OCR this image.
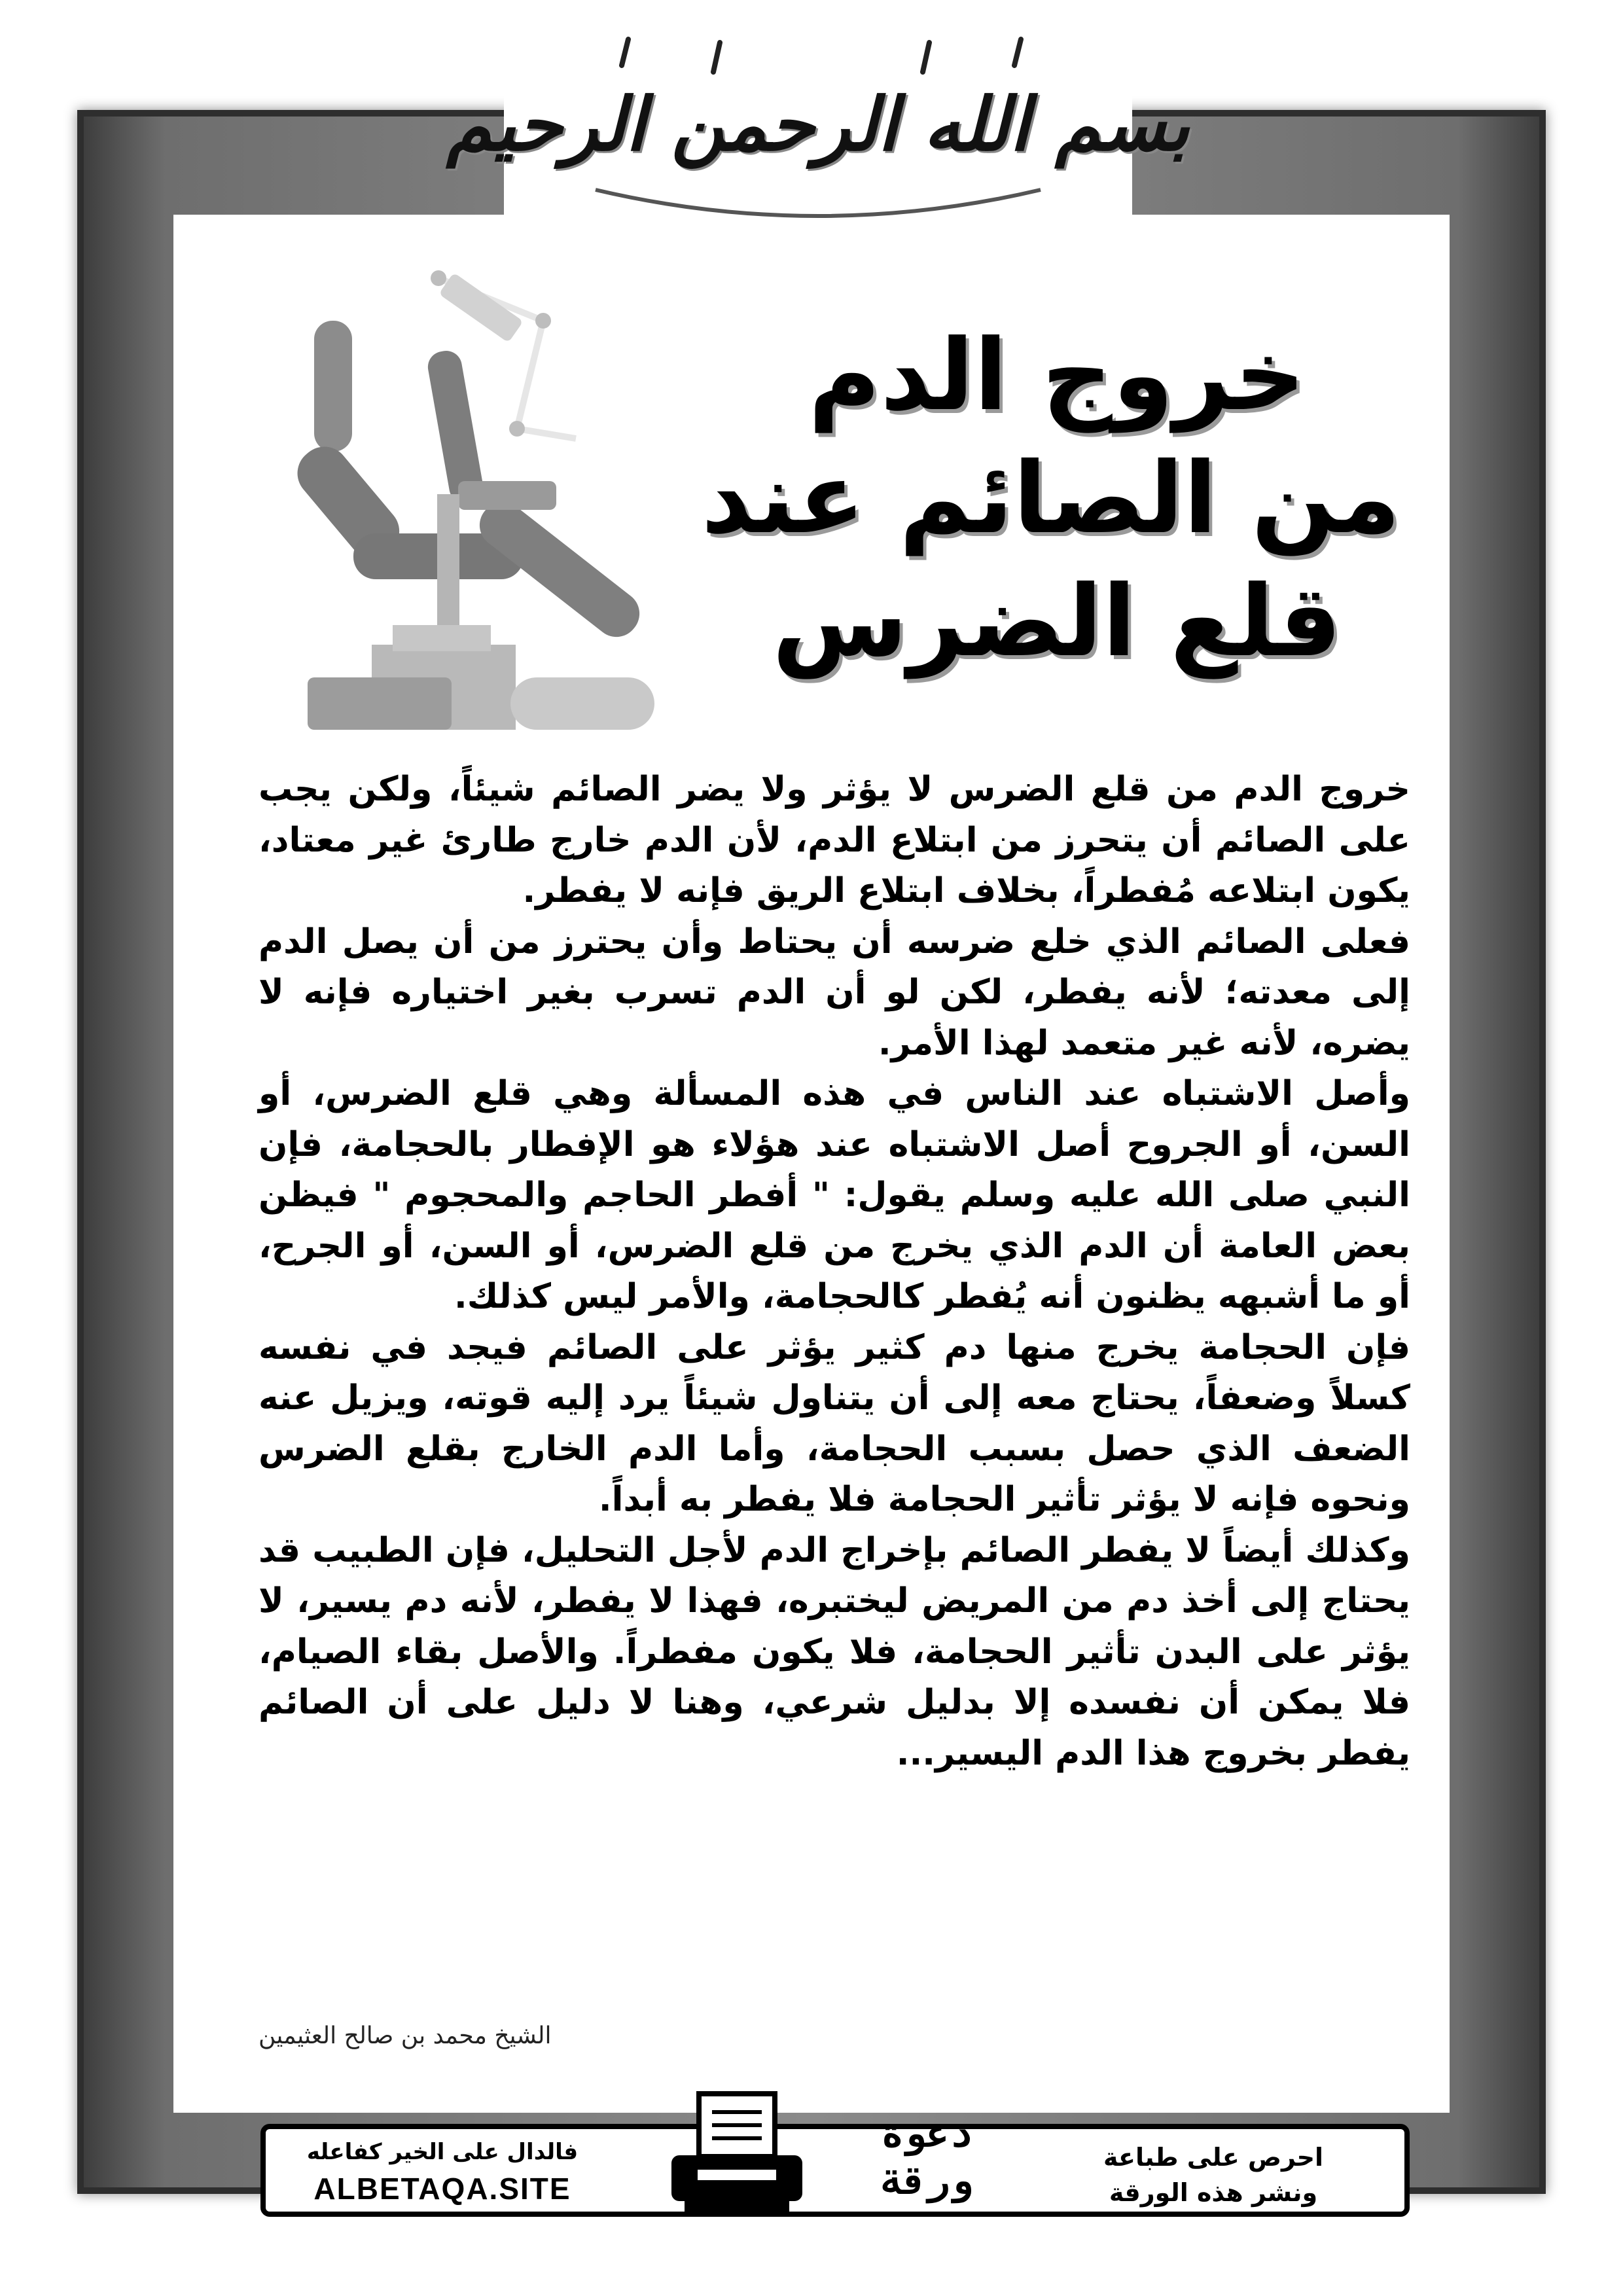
بسم الله الرحمن الرحيم
خروج الدم
من الصائم عند
قلع الضرس

خروج الدم من قلع الضرس لا يؤثر ولا يضر الصائم شيئاً، ولكن يجب على الصائم أن يتحرز من ابتلاع الدم، لأن الدم خارج طارئ غير معتاد، يكون ابتلاعه مُفطراً، بخلاف ابتلاع الريق فإنه لا يفطر.

فعلى الصائم الذي خلع ضرسه أن يحتاط وأن يحترز من أن يصل الدم إلى معدته؛ لأنه يفطر، لكن لو أن الدم تسرب بغير اختياره فإنه لا يضره، لأنه غير متعمد لهذا الأمر.

وأصل الاشتباه عند الناس في هذه المسألة وهي قلع الضرس، أو السن، أو الجروح أصل الاشتباه عند هؤلاء هو الإفطار بالحجامة، فإن النبي صلى الله عليه وسلم يقول: " أفطر الحاجم والمحجوم " فيظن بعض العامة أن الدم الذي يخرج من قلع الضرس، أو السن، أو الجرح، أو ما أشبهه يظنون أنه يُفطر كالحجامة، والأمر ليس كذلك.

فإن الحجامة يخرج منها دم كثير يؤثر على الصائم فيجد في نفسه كسلاً وضعفاً، يحتاج معه إلى أن يتناول شيئاً يرد إليه قوته، ويزيل عنه الضعف الذي حصل بسبب الحجامة، وأما الدم الخارج بقلع الضرس ونحوه فإنه لا يؤثر تأثير الحجامة فلا يفطر به أبداً.

وكذلك أيضاً لا يفطر الصائم بإخراج الدم لأجل التحليل، فإن الطبيب قد يحتاج إلى أخذ دم من المريض ليختبره، فهذا لا يفطر، لأنه دم يسير، لا يؤثر على البدن تأثير الحجامة، فلا يكون مفطراً. والأصل بقاء الصيام، فلا يمكن أن نفسده إلا بدليل شرعي، وهنا لا دليل على أن الصائم يفطر بخروج هذا الدم اليسير...

الشيخ محمد بن صالح العثيمين
احرص على طباعة
ونشر هذه الورقة
دعوة
ورقة
فالدال على الخير كفاعله
ALBETAQA.SITE
